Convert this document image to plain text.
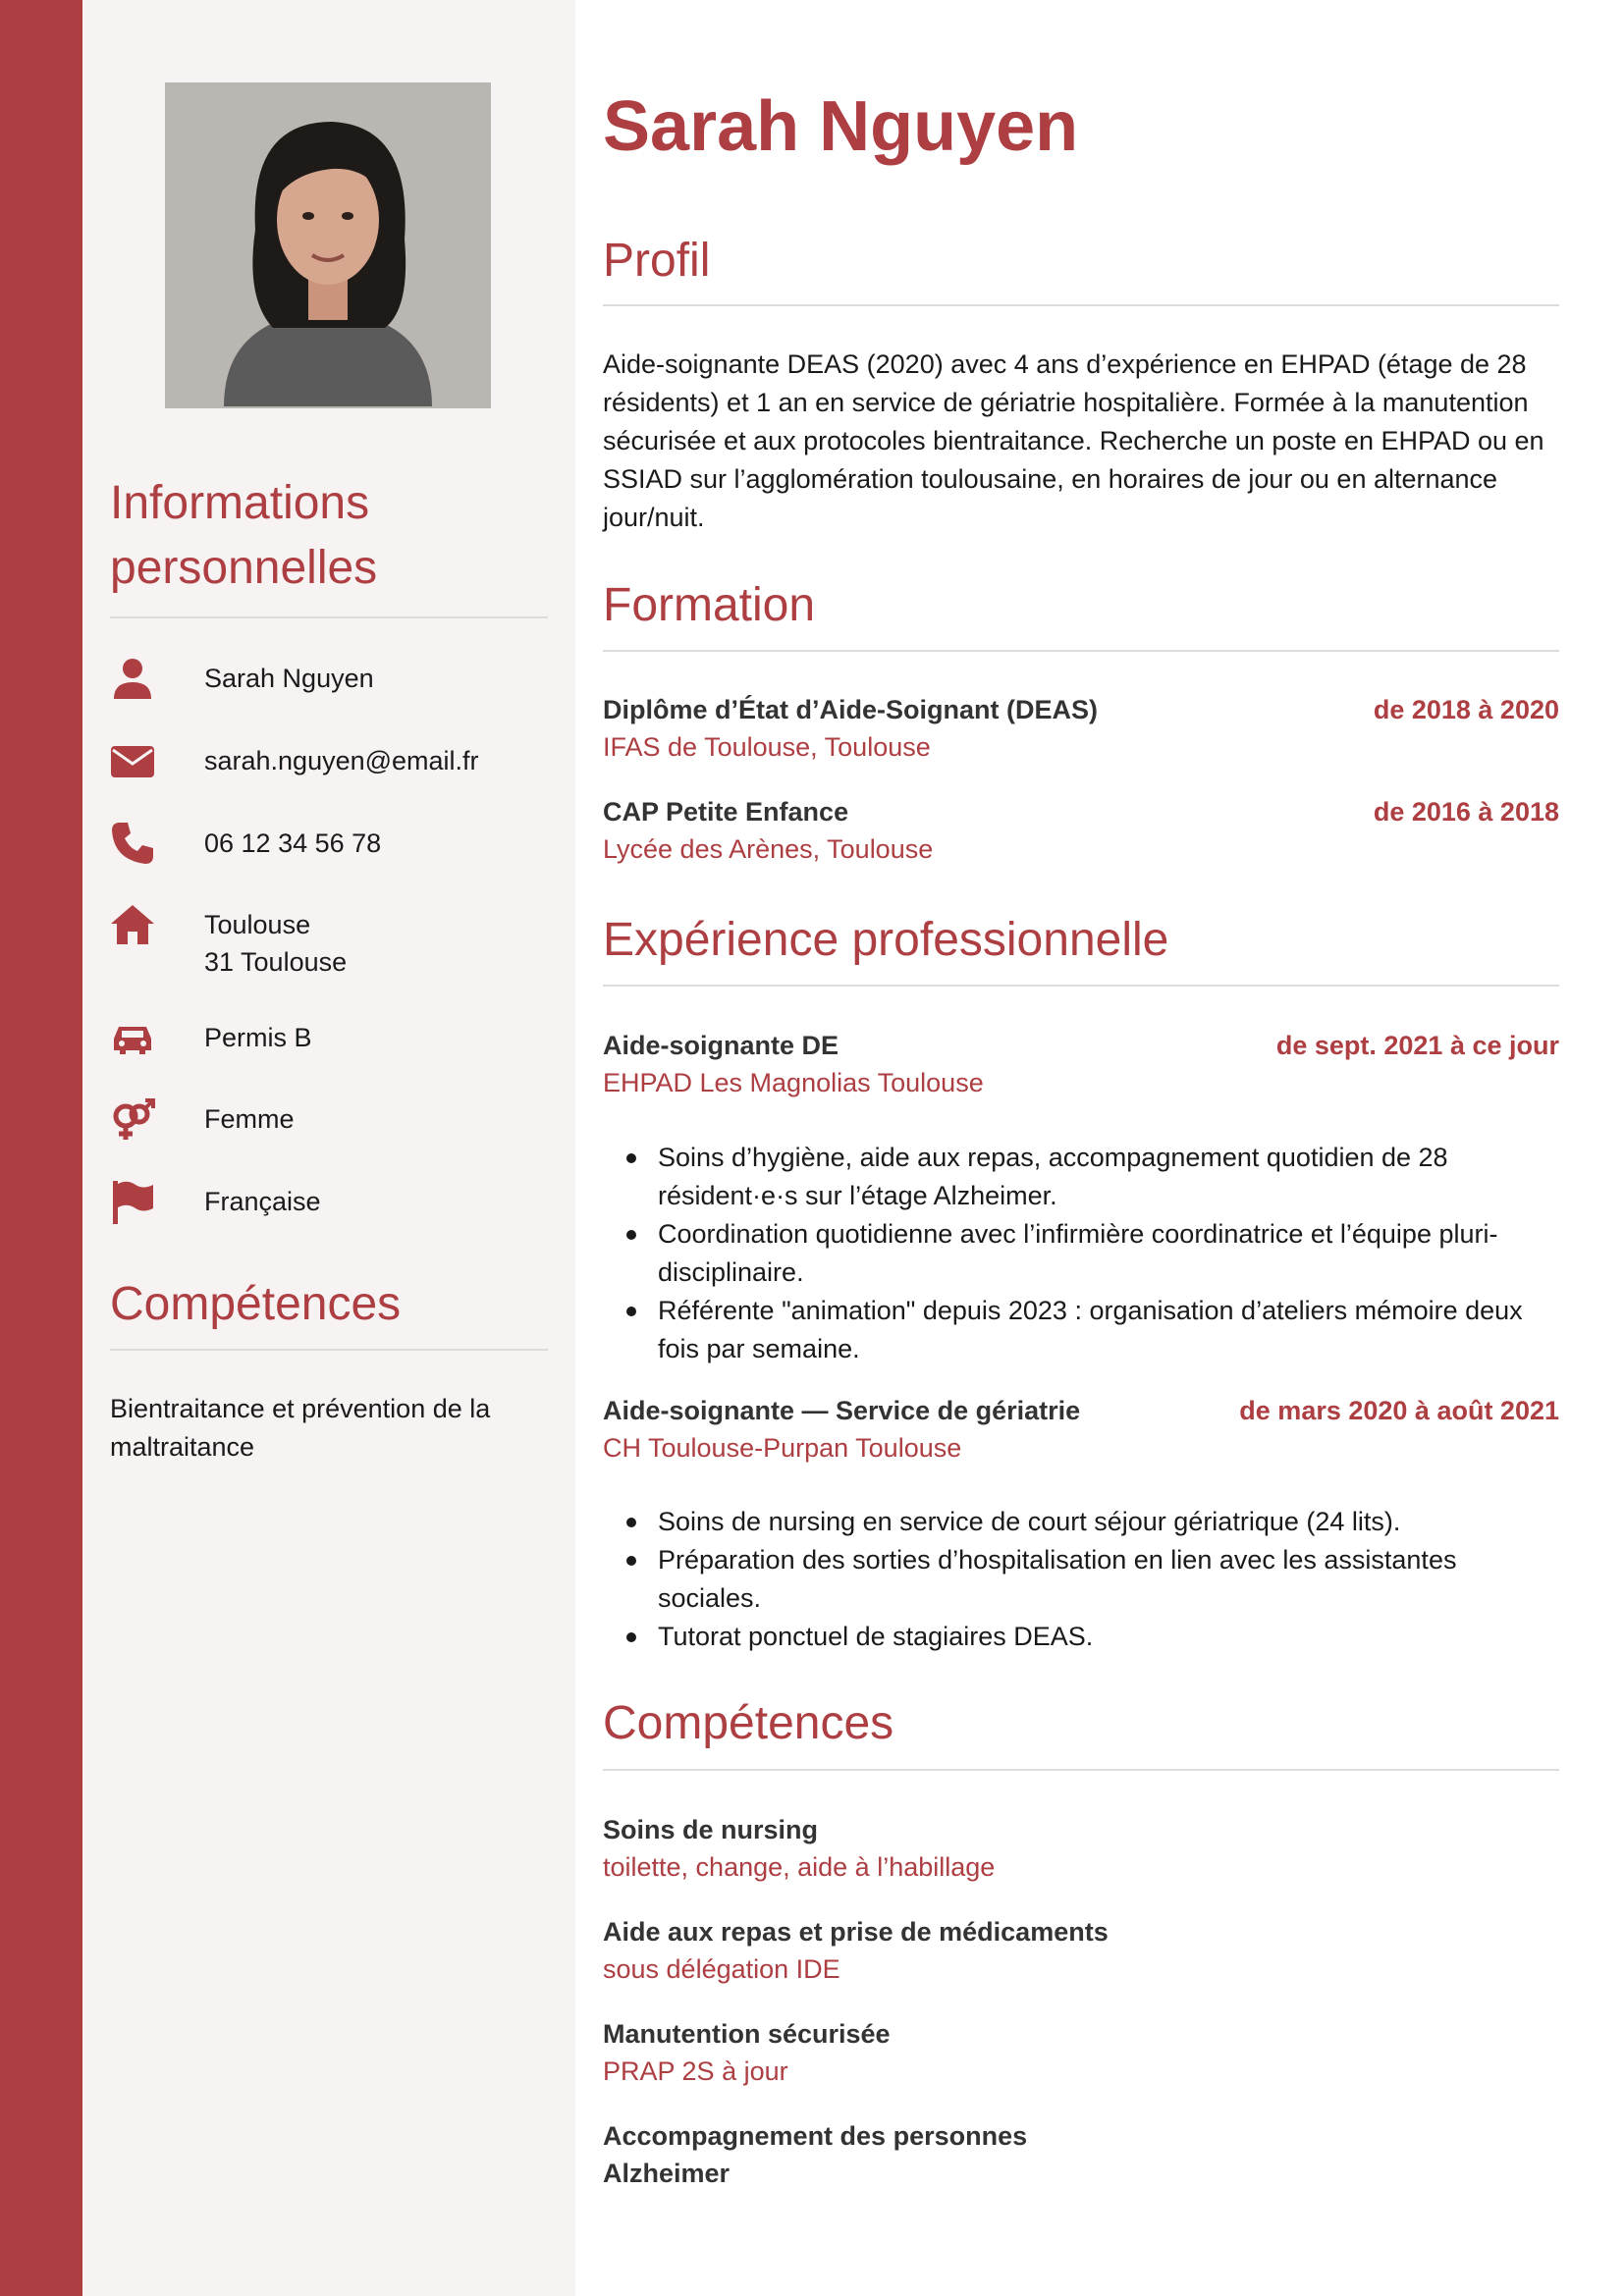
Informations
personnelles
Sarah Nguyen
sarah.nguyen@email.fr
06 12 34 56 78
Toulouse
31 Toulouse
Permis B
Femme
Française
Compétences
Bientraitance et prévention de la maltraitance
Sarah Nguyen
Profil

Aide-soignante DEAS (2020) avec 4 ans d’expérience en EHPAD (étage de 28 résidents) et 1 an en service de gériatrie hospitalière. Formée à la manutention sécurisée et aux protocoles bientraitance. Recherche un poste en EHPAD ou en SSIAD sur l’agglomération toulousaine, en horaires de jour ou en alternance jour/nuit.

Formation
Diplôme d’État d’Aide-Soignant (DEAS)	de 2018 à 2020
IFAS de Toulouse, Toulouse
CAP Petite Enfance	de 2016 à 2018
Lycée des Arènes, Toulouse
Expérience professionnelle
Aide-soignante DE	de sept. 2021 à ce jour
EHPAD Les Magnolias Toulouse
Soins d’hygiène, aide aux repas, accompagnement quotidien de 28 résident·e·s sur l’étage Alzheimer.
Coordination quotidienne avec l’infirmière coordinatrice et l’équipe pluri-disciplinaire.
Référente "animation" depuis 2023 : organisation d’ateliers mémoire deux fois par semaine.
Aide-soignante — Service de gériatrie	de mars 2020 à août 2021
CH Toulouse-Purpan Toulouse
Soins de nursing en service de court séjour gériatrique (24 lits).
Préparation des sorties d’hospitalisation en lien avec les assistantes sociales.
Tutorat ponctuel de stagiaires DEAS.
Compétences
Soins de nursing
toilette, change, aide à l’habillage
Aide aux repas et prise de médicaments
sous délégation IDE
Manutention sécurisée
PRAP 2S à jour
Accompagnement des personnes Alzheimer
